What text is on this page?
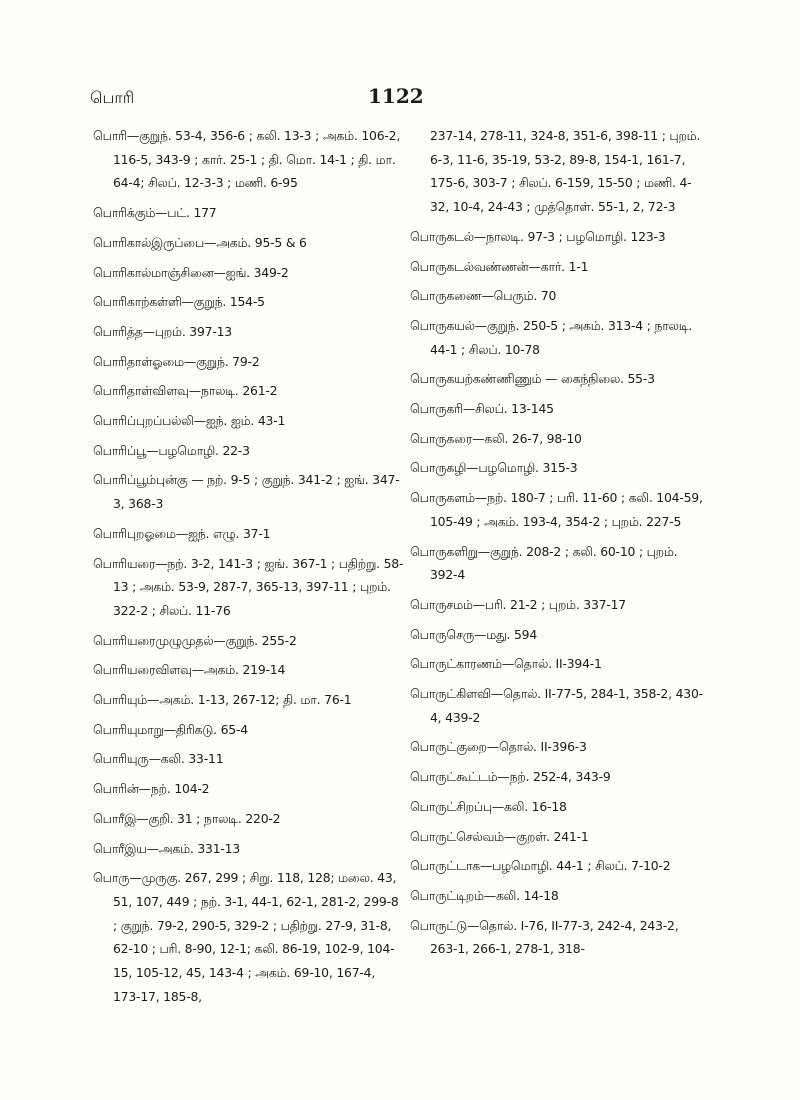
பொரி	1122
பொரி—குறுந். 53-4, 356-6 ; கலி. 13-3 ; அகம். 106-2, 116-5, 343-9 ; கார். 25-1 ; தி. மொ. 14-1 ; தி. மா. 64-4; சிலப். 12-3-3 ; மணி. 6-95
பொரிக்கும்—பட். 177
பொரிகால்இருப்பை—அகம். 95-5 & 6
பொரிகால்மாஞ்சினை—ஐங். 349-2
பொரிகாற்கள்ளி—குறுந். 154-5
பொரித்த—புறம். 397-13
பொரிதாள்ஓமை—குறுந். 79-2
பொரிதாள்விளவு—நாலடி. 261-2
பொரிப்புறப்பல்லி—ஐந். ஐம். 43-1
பொரிப்பூ—பழமொழி. 22-3
பொரிப்பூம்புன்கு — நற். 9-5 ; குறுந். 341-2 ; ஐங். 347-3, 368-3
பொரிபுறஓமை—ஐந். எழு. 37-1
பொரியரை—நற். 3-2, 141-3 ; ஐங். 367-1 ; பதிற்று. 58-13 ; அகம். 53-9, 287-7, 365-13, 397-11 ; புறம். 322-2 ; சிலப். 11-76
பொரியரைமுழுமுதல்—குறுந். 255-2
பொரியரைவிளவு—அகம். 219-14
பொரியும்—அகம். 1-13, 267-12; தி. மா. 76-1
பொரியுமாறு—திரிகடு. 65-4
பொரியுரு—கலி. 33-11
பொரின்—நற். 104-2
பொரீஇ—குறி. 31 ; நாலடி. 220-2
பொரீஇய—அகம். 331-13
பொரு—முருகு. 267, 299 ; சிறு. 118, 128; மலை. 43, 51, 107, 449 ; நற். 3-1, 44-1, 62-1, 281-2, 299-8 ; குறுந். 79-2, 290-5, 329-2 ; பதிற்று. 27-9, 31-8, 62-10 ; பரி. 8-90, 12-1; கலி. 86-19, 102-9, 104-15, 105-12, 45, 143-4 ; அகம். 69-10, 167-4, 173-17, 185-8,
237-14, 278-11, 324-8, 351-6, 398-11 ; புறம். 6-3, 11-6, 35-19, 53-2, 89-8, 154-1, 161-7, 175-6, 303-7 ; சிலப். 6-159, 15-50 ; மணி. 4-32, 10-4, 24-43 ; முத்தொள். 55-1, 2, 72-3
பொருகடல்—நாலடி. 97-3 ; பழமொழி. 123-3
பொருகடல்வண்ணன்—கார். 1-1
பொருகணை—பெரும். 70
பொருகயல்—குறுந். 250-5 ; அகம். 313-4 ; நாலடி. 44-1 ; சிலப். 10-78
பொருகயற்கண்ணிணும் — கைந்நிலை. 55-3
பொருகரி—சிலப். 13-145
பொருகரை—கலி. 26-7, 98-10
பொருகழி—பழமொழி. 315-3
பொருகளம்—நற். 180-7 ; பரி. 11-60 ; கலி. 104-59, 105-49 ; அகம். 193-4, 354-2 ; புறம். 227-5
பொருகளிறு—குறுந். 208-2 ; கலி. 60-10 ; புறம். 392-4
பொருசமம்—பரி. 21-2 ; புறம். 337-17
பொருசெரு—மது. 594
பொருட்காரணம்—தொல். II-394-1
பொருட்கிளவி—தொல். II-77-5, 284-1, 358-2, 430-4, 439-2
பொருட்குறை—தொல். II-396-3
பொருட்கூட்டம்—நற். 252-4, 343-9
பொருட்சிறப்பு—கலி. 16-18
பொருட்செல்வம்—குறள். 241-1
பொருட்டாக—பழமொழி. 44-1 ; சிலப். 7-10-2
பொருட்டிறம்—கலி. 14-18
பொருட்டு—தொல். I-76, II-77-3, 242-4, 243-2, 263-1, 266-1, 278-1, 318-
